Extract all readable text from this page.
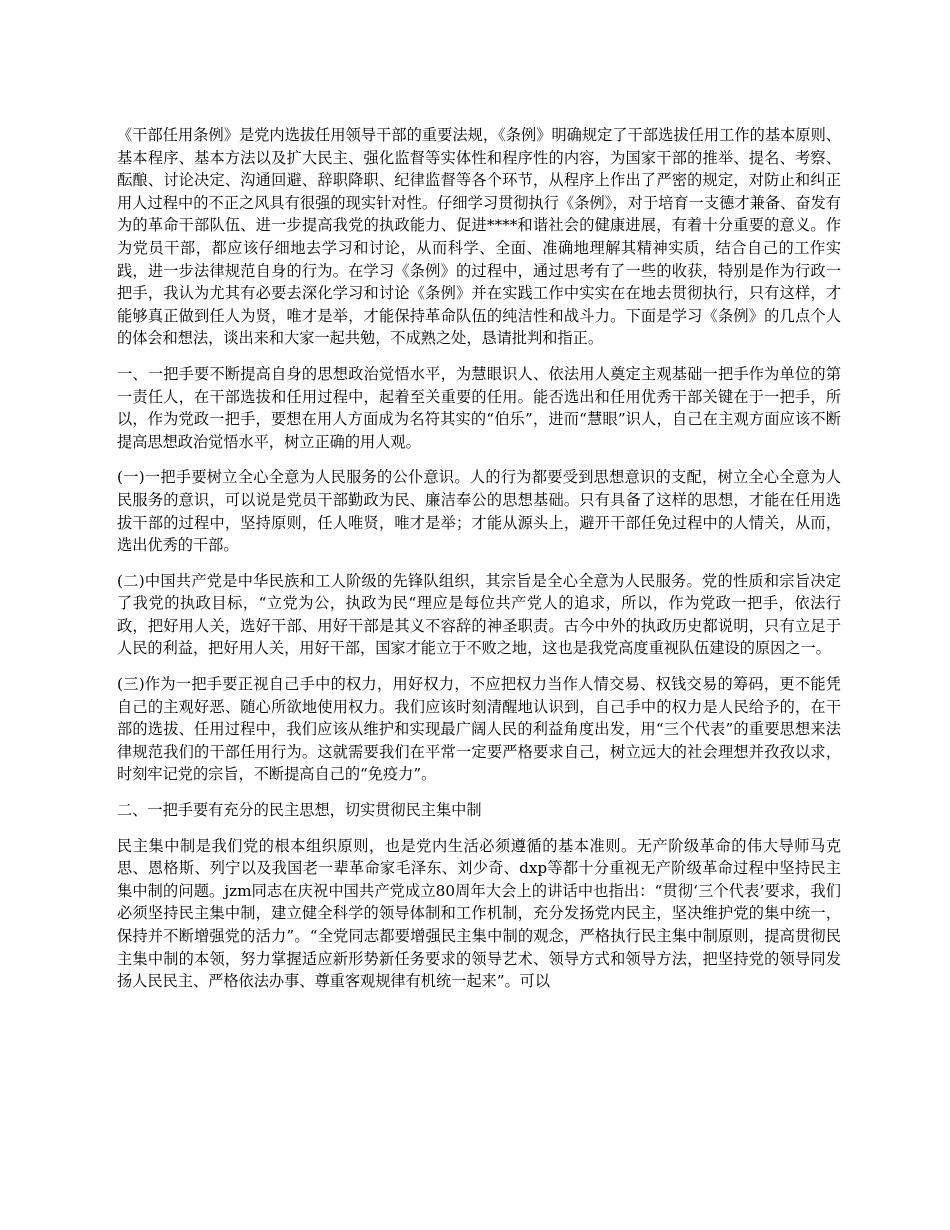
《干部任用条例》是党内选拔任用领导干部的重要法规，《条例》明确规定了干部选拔任用工作的基本原则、基本程序、基本方法以及扩大民主、强化监督等实体性和程序性的内容，为国家干部的推举、提名、考察、酝酿、讨论决定、沟通回避、辞职降职、纪律监督等各个环节，从程序上作出了严密的规定，对防止和纠正用人过程中的不正之风具有很强的现实针对性。仔细学习贯彻执行《条例》，对于培育一支德才兼备、奋发有为的革命干部队伍、进一步提高我党的执政能力、促进****和谐社会的健康进展，有着十分重要的意义。作为党员干部，都应该仔细地去学习和讨论，从而科学、全面、准确地理解其精神实质，结合自己的工作实践，进一步法律规范自身的行为。在学习《条例》的过程中，通过思考有了一些的收获，特别是作为行政一把手，我认为尤其有必要去深化学习和讨论《条例》并在实践工作中实实在在地去贯彻执行，只有这样，才能够真正做到任人为贤，唯才是举，才能保持革命队伍的纯洁性和战斗力。下面是学习《条例》的几点个人的体会和想法，谈出来和大家一起共勉，不成熟之处，恳请批判和指正。

一、一把手要不断提高自身的思想政治觉悟水平，为慧眼识人、依法用人奠定主观基础一把手作为单位的第一责任人，在干部选拔和任用过程中，起着至关重要的任用。能否选出和任用优秀干部关键在于一把手，所以，作为党政一把手，要想在用人方面成为名符其实的“伯乐”，进而“慧眼”识人，自己在主观方面应该不断提高思想政治觉悟水平，树立正确的用人观。

(一)一把手要树立全心全意为人民服务的公仆意识。人的行为都要受到思想意识的支配，树立全心全意为人民服务的意识，可以说是党员干部勤政为民、廉洁奉公的思想基础。只有具备了这样的思想，才能在任用选拔干部的过程中，坚持原则，任人唯贤，唯才是举；才能从源头上，避开干部任免过程中的人情关，从而，选出优秀的干部。

(二)中国共产党是中华民族和工人阶级的先锋队组织，其宗旨是全心全意为人民服务。党的性质和宗旨决定了我党的执政目标，“立党为公，执政为民“理应是每位共产党人的追求，所以，作为党政一把手，依法行政，把好用人关，选好干部、用好干部是其义不容辞的神圣职责。古今中外的执政历史都说明，只有立足于人民的利益，把好用人关，用好干部，国家才能立于不败之地，这也是我党高度重视队伍建设的原因之一。

(三)作为一把手要正视自己手中的权力，用好权力，不应把权力当作人情交易、权钱交易的筹码，更不能凭自己的主观好恶、随心所欲地使用权力。我们应该时刻清醒地认识到，自己手中的权力是人民给予的，在干部的选拔、任用过程中，我们应该从维护和实现最广阔人民的利益角度出发，用“三个代表”的重要思想来法律规范我们的干部任用行为。这就需要我们在平常一定要严格要求自己，树立远大的社会理想并孜孜以求，时刻牢记党的宗旨，不断提高自己的“免疫力”。

二、一把手要有充分的民主思想，切实贯彻民主集中制

民主集中制是我们党的根本组织原则，也是党内生活必须遵循的基本准则。无产阶级革命的伟大导师马克思、恩格斯、列宁以及我国老一辈革命家毛泽东、刘少奇、dxp等都十分重视无产阶级革命过程中坚持民主集中制的问题。jzm同志在庆祝中国共产党成立80周年大会上的讲话中也指出：“贯彻‘三个代表’要求，我们必须坚持民主集中制，建立健全科学的领导体制和工作机制，充分发扬党内民主，坚决维护党的集中统一，保持并不断增强党的活力”。“全党同志都要增强民主集中制的观念，严格执行民主集中制原则，提高贯彻民主集中制的本领，努力掌握适应新形势新任务要求的领导艺术、领导方式和领导方法，把坚持党的领导同发扬人民民主、严格依法办事、尊重客观规律有机统一起来”。可以
